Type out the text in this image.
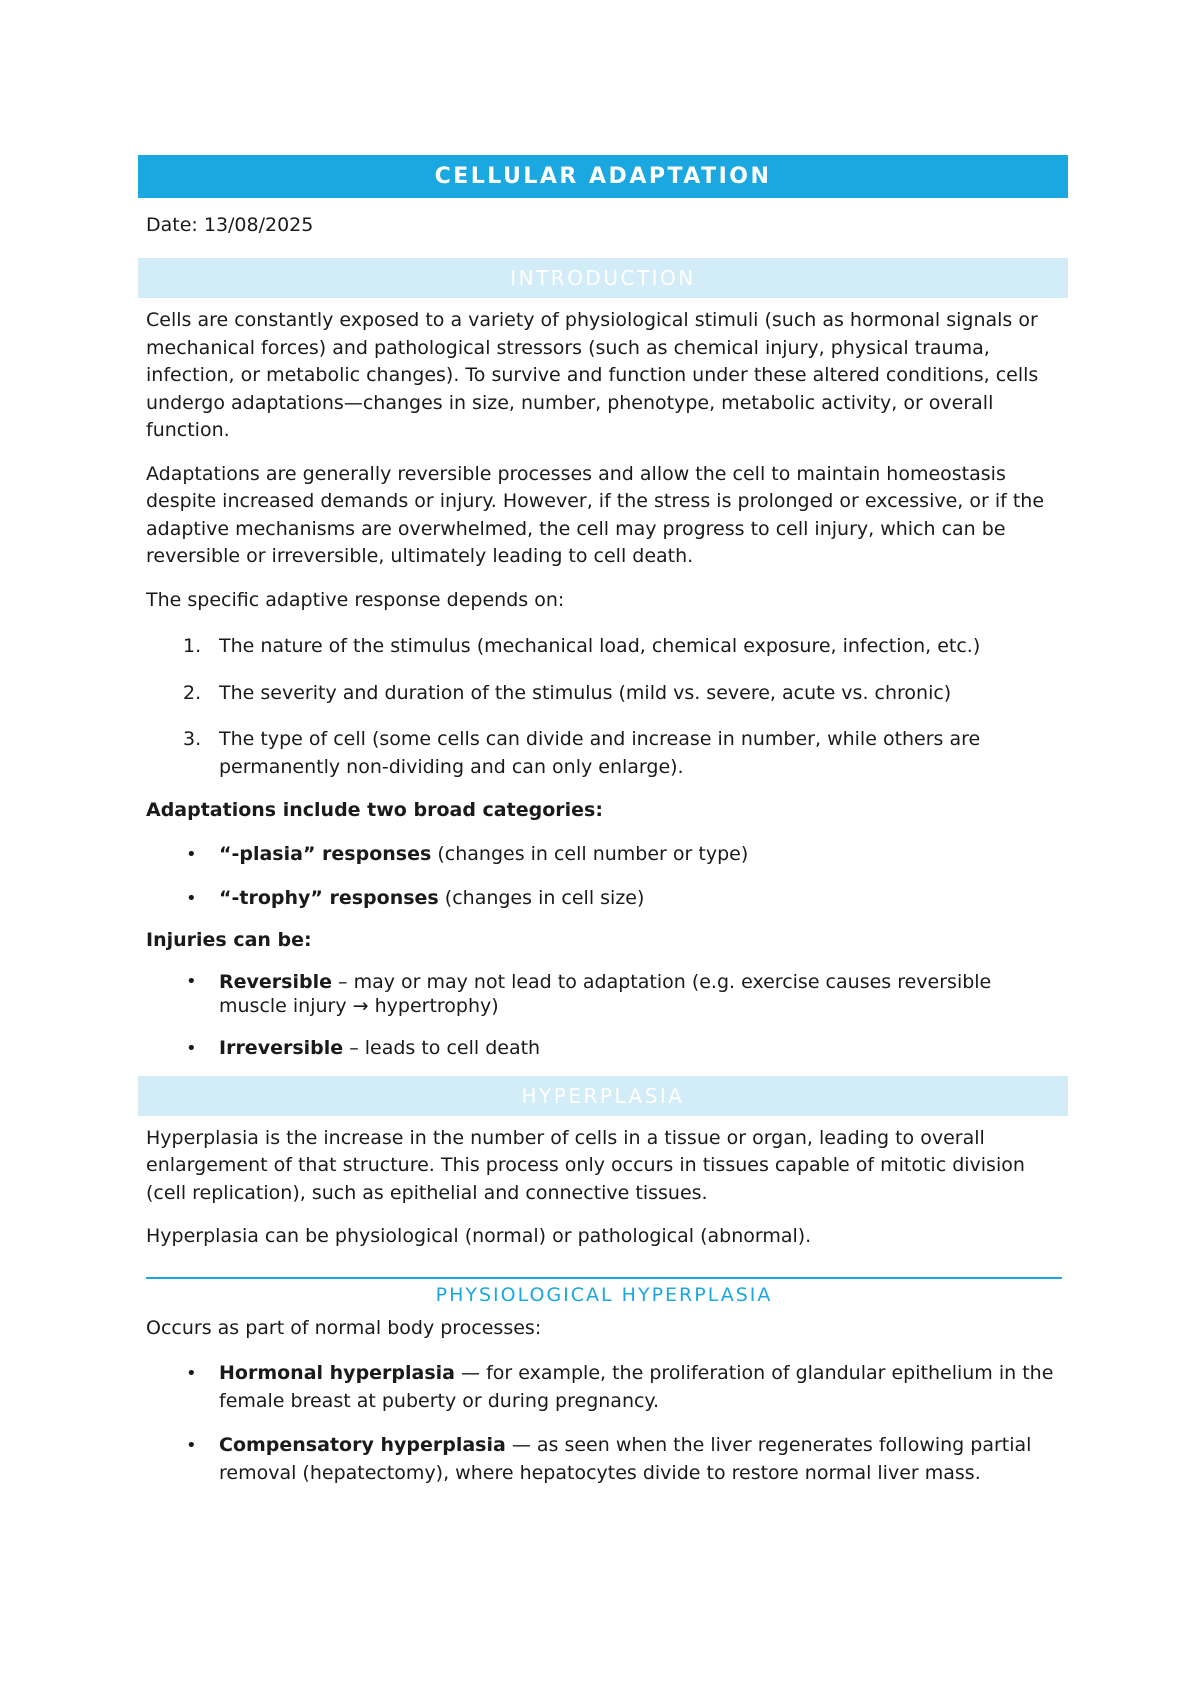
CELLULAR ADAPTATION
Date: 13/08/2025
INTRODUCTION
Cells are constantly exposed to a variety of physiological stimuli (such as hormonal signals or mechanical forces) and pathological stressors (such as chemical injury, physical trauma, infection, or metabolic changes). To survive and function under these altered conditions, cells undergo adaptations—changes in size, number, phenotype, metabolic activity, or overall function.
Adaptations are generally reversible processes and allow the cell to maintain homeostasis despite increased demands or injury. However, if the stress is prolonged or excessive, or if the adaptive mechanisms are overwhelmed, the cell may progress to cell injury, which can be reversible or irreversible, ultimately leading to cell death.
The specific adaptive response depends on:
1. The nature of the stimulus (mechanical load, chemical exposure, infection, etc.)
2. The severity and duration of the stimulus (mild vs. severe, acute vs. chronic)
3. The type of cell (some cells can divide and increase in number, while others are permanently non-dividing and can only enlarge).
Adaptations include two broad categories:
• “-plasia” responses (changes in cell number or type)
• “-trophy” responses (changes in cell size)
Injuries can be:
• Reversible – may or may not lead to adaptation (e.g. exercise causes reversible muscle injury → hypertrophy)
• Irreversible – leads to cell death
HYPERPLASIA
Hyperplasia is the increase in the number of cells in a tissue or organ, leading to overall enlargement of that structure. This process only occurs in tissues capable of mitotic division (cell replication), such as epithelial and connective tissues.
Hyperplasia can be physiological (normal) or pathological (abnormal).
PHYSIOLOGICAL HYPERPLASIA
Occurs as part of normal body processes:
• Hormonal hyperplasia — for example, the proliferation of glandular epithelium in the female breast at puberty or during pregnancy.
• Compensatory hyperplasia — as seen when the liver regenerates following partial removal (hepatectomy), where hepatocytes divide to restore normal liver mass.
